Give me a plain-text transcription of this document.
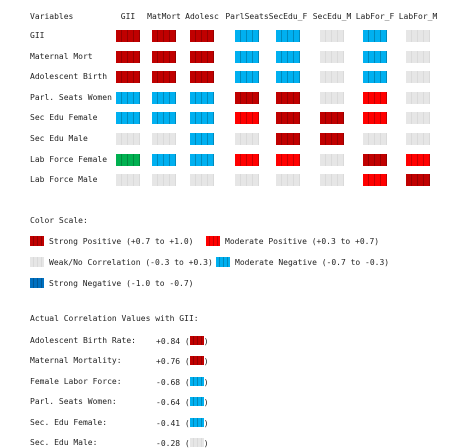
Variables	GII MatMort Adolesc ParlSeats SecEdu_F SecEdu_M LabFor_F LabFor_M
GII
Maternal Mort
Adolescent Birth
Parl. Seats Women
Sec Edu Female
Sec Edu Male
Lab Force Female
Lab Force Male
Color Scale:
Strong Positive (+0.7 to +1.0)	Moderate Positive (+0.3 to +0.7)
Weak/No Correlation (-0.3 to +0.3)	Moderate Negative (-0.7 to -0.3)
Strong Negative (-1.0 to -0.7)
Actual Correlation Values with GII:
Adolescent Birth Rate:	+0.84 ( )
Maternal Mortality:	+0.76 ( )
Female Labor Force:	-0.68 ( )
Parl. Seats Women:	-0.64 ( )
Sec. Edu Female:	-0.41 ( )
Sec. Edu Male:	-0.28 ( )
